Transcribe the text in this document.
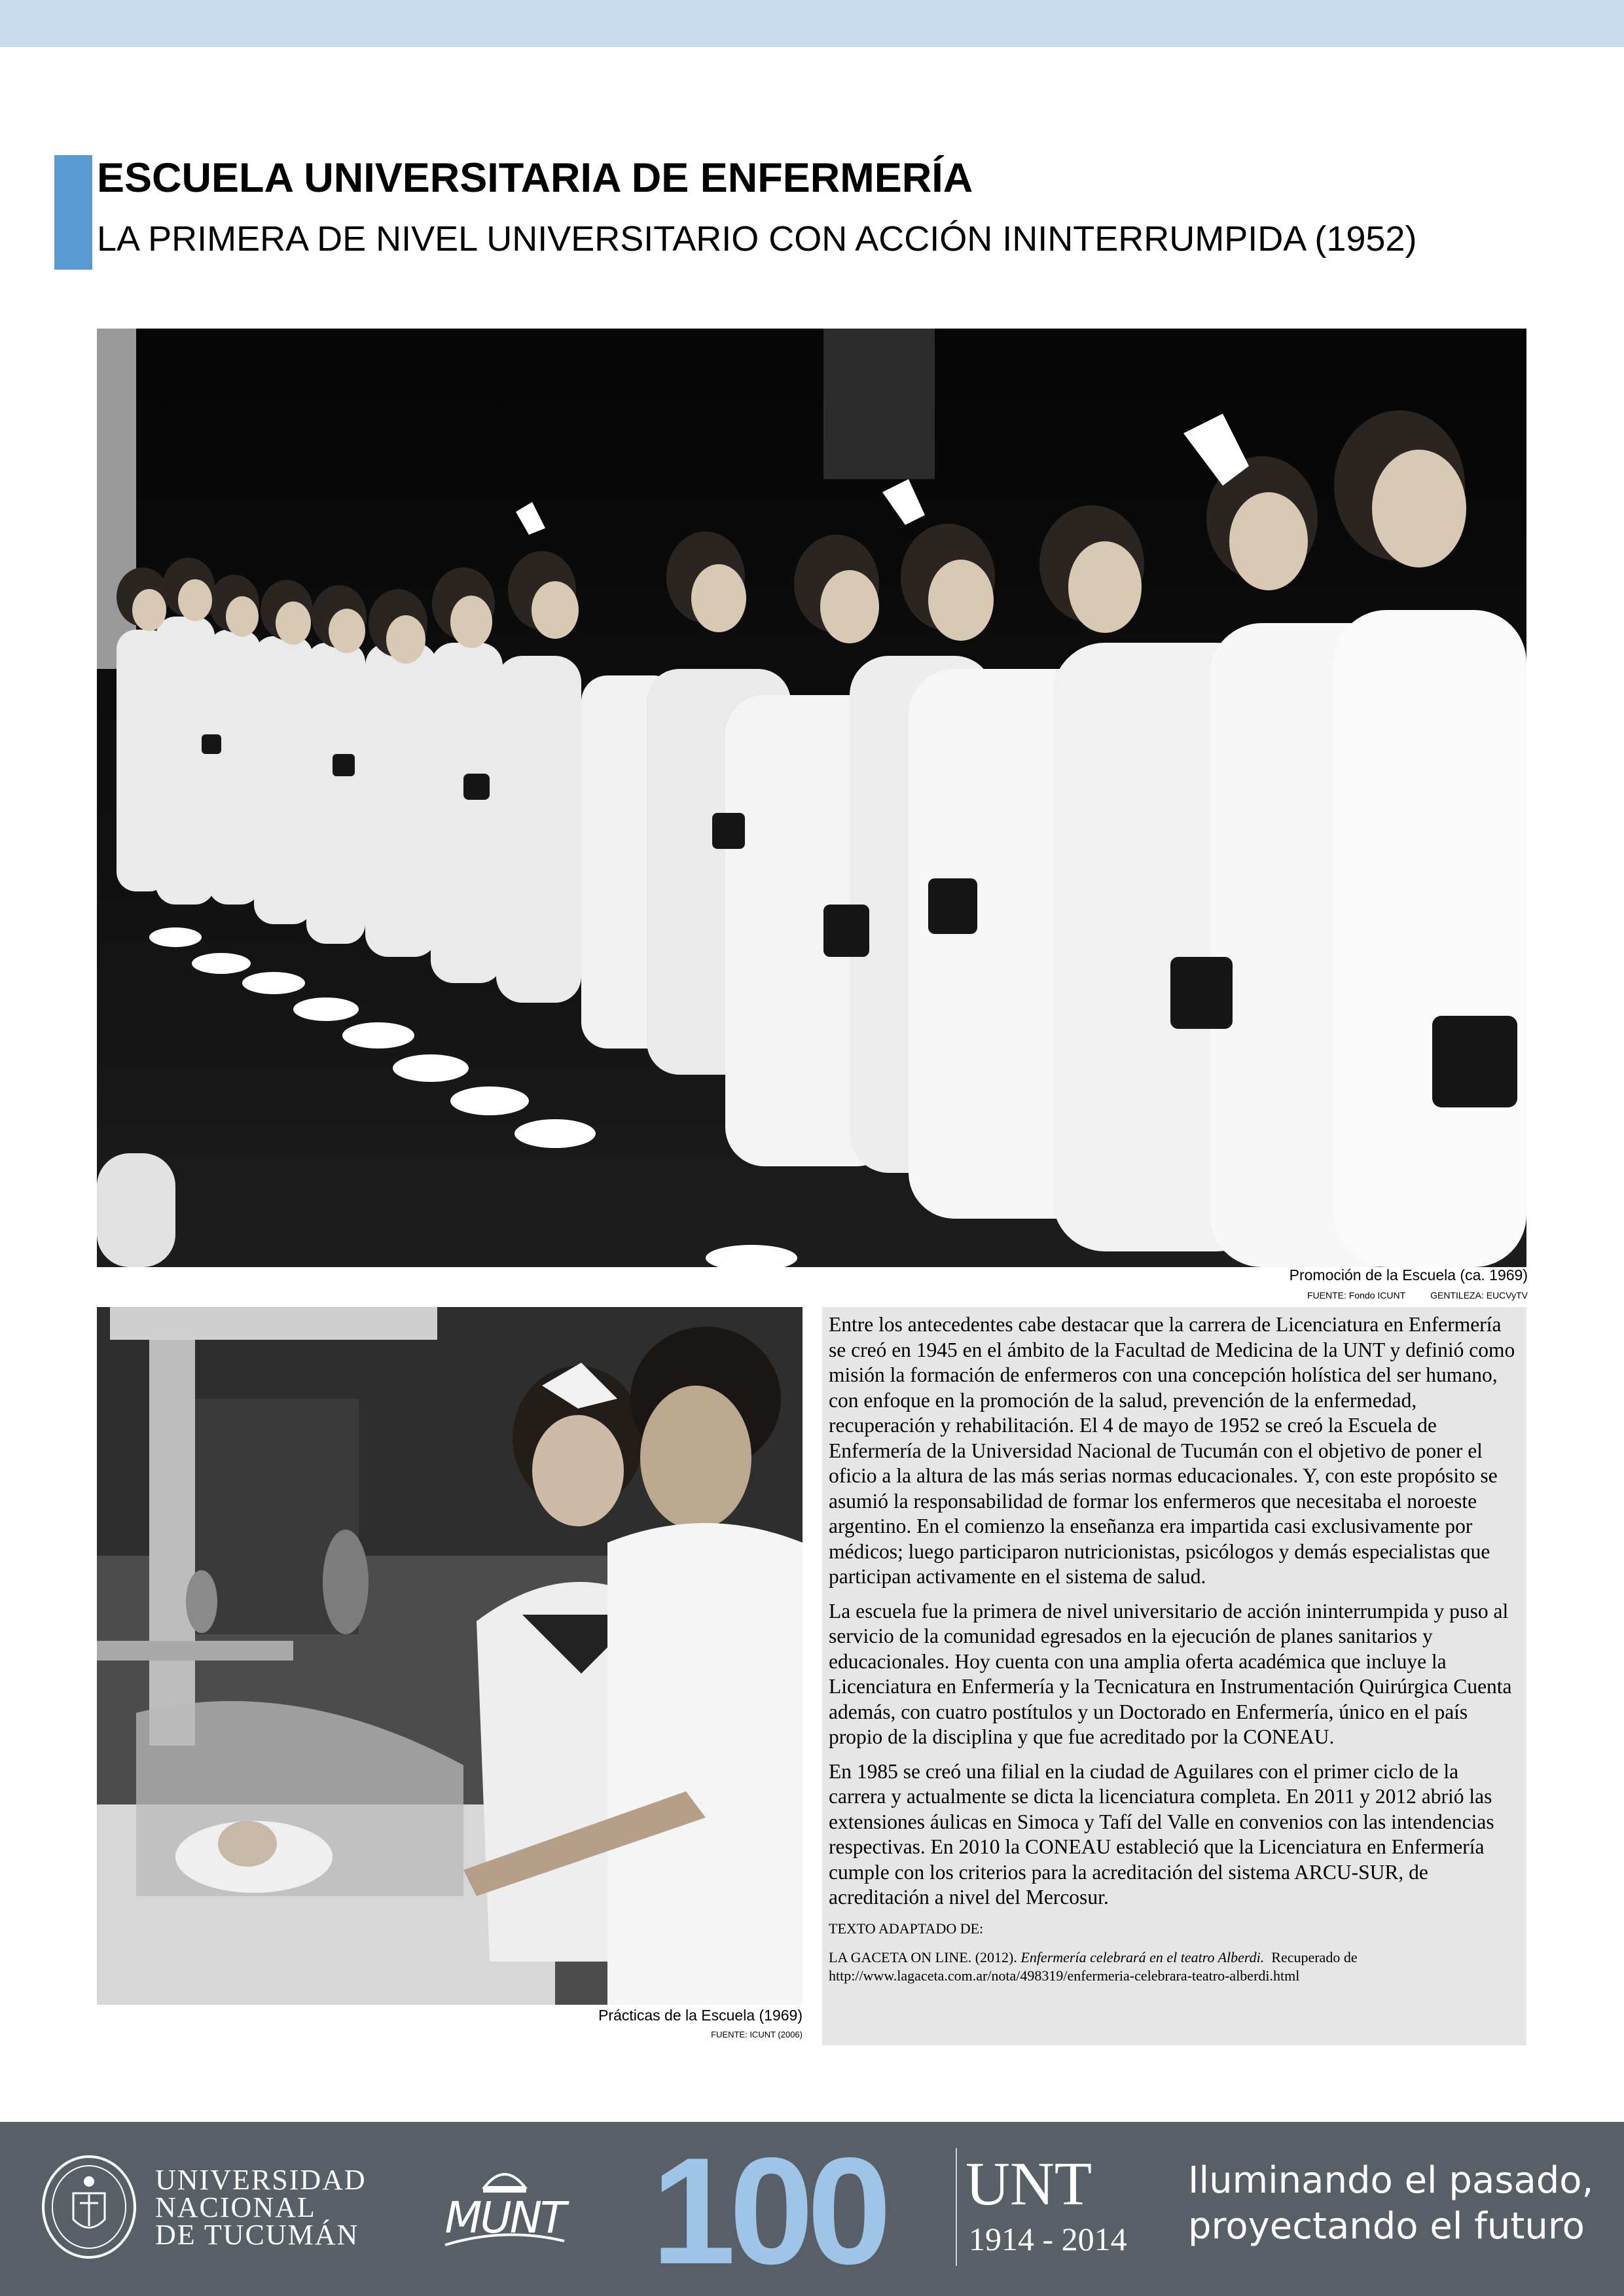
ESCUELA UNIVERSITARIA DE ENFERMERÍA
LA PRIMERA DE NIVEL UNIVERSITARIO CON ACCIÓN ININTERRUMPIDA (1952)
Promoción de la Escuela (ca. 1969)
FUENTE: Fondo ICUNT	GENTILEZA: EUCVyTV
Prácticas de la Escuela (1969)
FUENTE: ICUNT (2006)

Entre los antecedentes cabe destacar que la carrera de Licenciatura en Enfermería se creó en 1945 en el ámbito de la Facultad de Medicina de la UNT y definió como misión la formación de enfermeros con una concepción holística del ser humano, con enfoque en la promoción de la salud, prevención de la enfermedad, recuperación y rehabilitación. El 4 de mayo de 1952 se creó la Escuela de Enfermería de la Universidad Nacional de Tucumán con el objetivo de poner el oficio a la altura de las más serias normas educacionales. Y, con este propósito se asumió la responsabilidad de formar los enfermeros que necesitaba el noroeste argentino. En el comienzo la enseñanza era impartida casi exclusivamente por médicos; luego participaron nutricionistas, psicólogos y demás especialistas que participan activamente en el sistema de salud.

La escuela fue la primera de nivel universitario de acción ininterrumpida y puso al servicio de la comunidad egresados en la ejecución de planes sanitarios y educacionales. Hoy cuenta con una amplia oferta académica que incluye la Licenciatura en Enfermería y la Tecnicatura en Instrumentación Quirúrgica Cuenta además, con cuatro postítulos y un Doctorado en Enfermería, único en el país propio de la disciplina y que fue acreditado por la CONEAU.

En 1985 se creó una filial en la ciudad de Aguilares con el primer ciclo de la carrera y actualmente se dicta la licenciatura completa. En 2011 y 2012 abrió las extensiones áulicas en Simoca y Tafí del Valle en convenios con las intendencias respectivas. En 2010 la CONEAU estableció que la Licenciatura en Enfermería cumple con los criterios para la acreditación del sistema ARCU-SUR, de acreditación a nivel del Mercosur.

TEXTO ADAPTADO DE:

LA GACETA ON LINE. (2012). Enfermería celebrará en el teatro Alberdi.  Recuperado de

http://www.lagaceta.com.ar/nota/498319/enfermeria-celebrara-teatro-alberdi.html

UNIVERSIDAD
NACIONAL
DE TUCUMÁN MUNT 100 UNT
1914 - 2014
Iluminando el pasado,
proyectando el futuro
